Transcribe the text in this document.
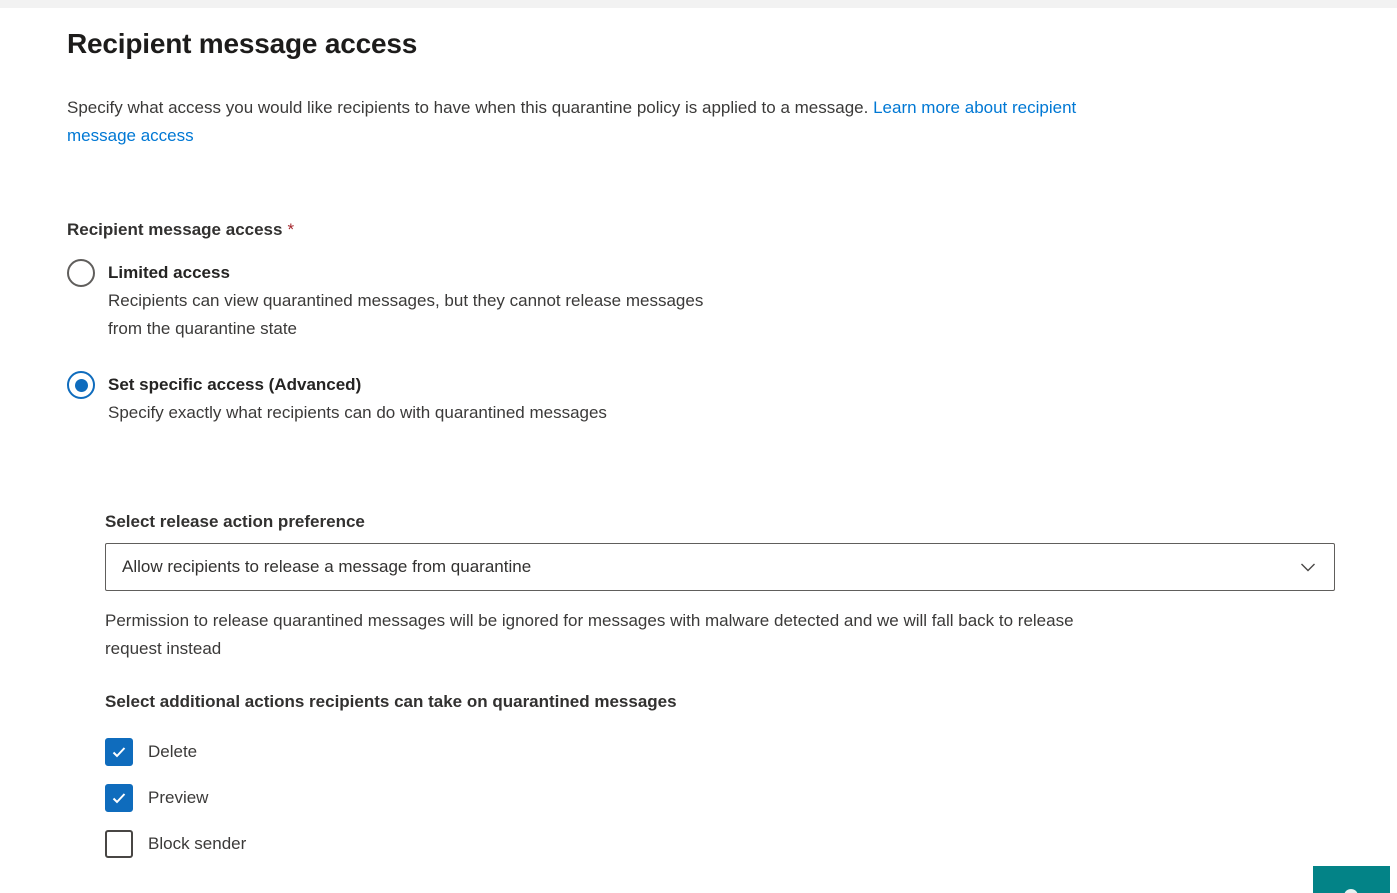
Recipient message access

Specify what access you would like recipients to have when this quarantine policy is applied to a message. Learn more about recipient
message access

Recipient message access *
Limited access
Recipients can view quarantined messages, but they cannot release messages
from the quarantine state
Set specific access (Advanced)
Specify exactly what recipients can do with quarantined messages
Select release action preference
Allow recipients to release a message from quarantine

Permission to release quarantined messages will be ignored for messages with malware detected and we will fall back to release
request instead

Select additional actions recipients can take on quarantined messages
Delete
Preview
Block sender
